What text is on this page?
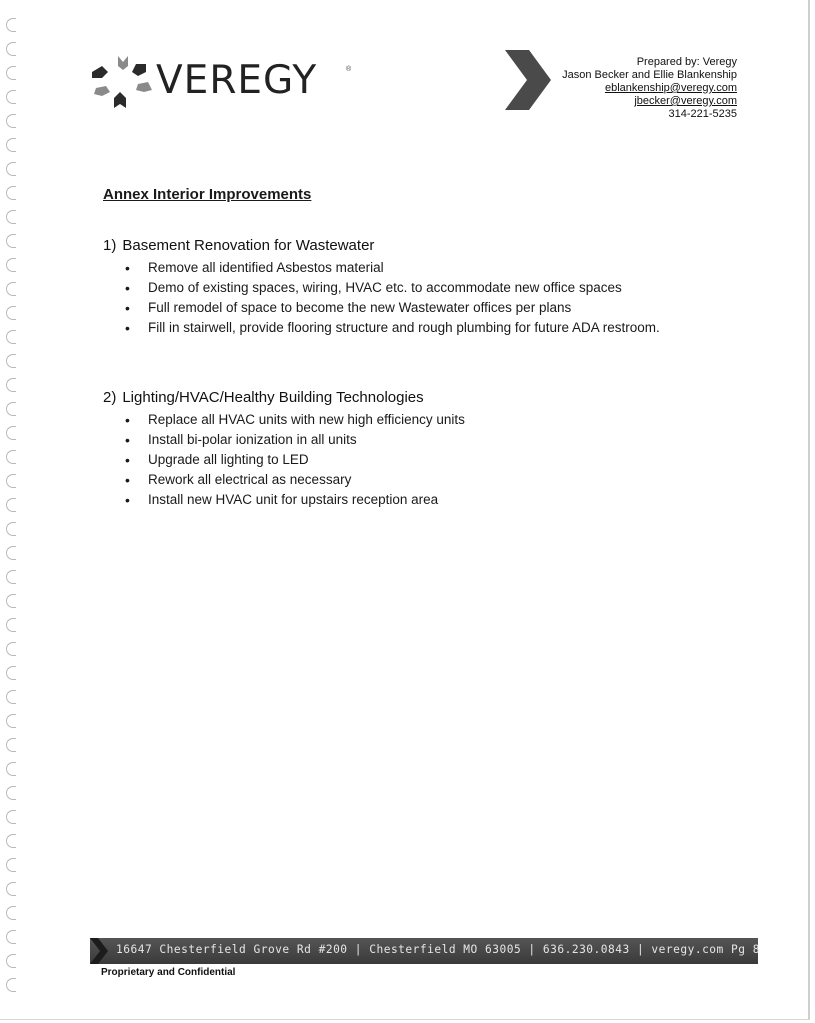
VEREGY	®
Prepared by: Veregy
Jason Becker and Ellie Blankenship
eblankenship@veregy.com
jbecker@veregy.com
314-221-5235
Annex Interior Improvements
1) Basement Renovation for Wastewater
• Remove all identified Asbestos material
• Demo of existing spaces, wiring, HVAC etc. to accommodate new office spaces
• Full remodel of space to become the new Wastewater offices per plans
• Fill in stairwell, provide flooring structure and rough plumbing for future ADA restroom.
2) Lighting/HVAC/Healthy Building Technologies
• Replace all HVAC units with new high efficiency units
• Install bi-polar ionization in all units
• Upgrade all lighting to LED
• Rework all electrical as necessary
• Install new HVAC unit for upstairs reception area
16647 Chesterfield Grove Rd #200 | Chesterfield MO 63005 | 636.230.0843 | veregy.com Pg 8
Proprietary and Confidential
